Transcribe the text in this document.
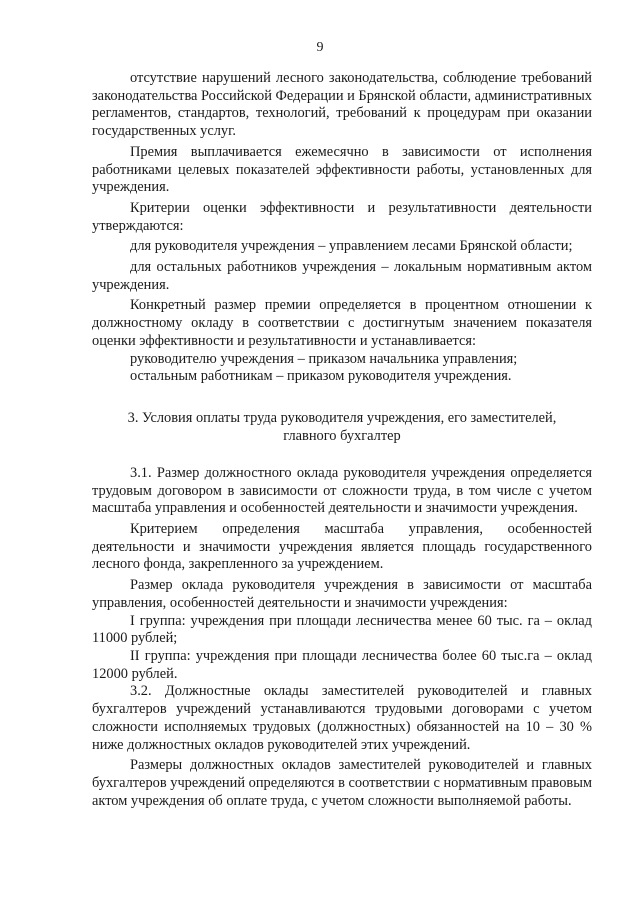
9

отсутствие нарушений лесного законодательства, соблюдение требований законодательства Российской Федерации и Брянской области, административных регламентов, стандартов, технологий, требований к процедурам при оказании государственных услуг.

Премия выплачивается ежемесячно в зависимости от исполнения работниками целевых показателей эффективности работы, установленных для учреждения.

Критерии оценки эффективности и результативности деятельности утверждаются:

для руководителя учреждения – управлением лесами Брянской области;

для остальных работников учреждения – локальным нормативным актом учреждения.

Конкретный размер премии определяется в процентном отношении к должностному окладу в соответствии с достигнутым значением показателя оценки эффективности и результативности и устанавливается:

руководителю учреждения – приказом начальника управления;

остальным работникам – приказом руководителя учреждения.

3. Условия оплаты труда руководителя учреждения, его заместителей, главного бухгалтер

3.1. Размер должностного оклада руководителя учреждения определяется трудовым договором в зависимости от сложности труда, в том числе с учетом масштаба управления и особенностей деятельности и значимости учреждения.

Критерием определения масштаба управления, особенностей деятельности и значимости учреждения является площадь государственного лесного фонда, закрепленного за учреждением.

Размер оклада руководителя учреждения в зависимости от масштаба управления, особенностей деятельности и значимости учреждения:

I группа: учреждения при площади лесничества менее 60 тыс. га – оклад 11000 рублей;

II группа: учреждения при площади лесничества более 60 тыс.га – оклад 12000 рублей.

3.2. Должностные оклады заместителей руководителей и главных бухгалтеров учреждений устанавливаются трудовыми договорами с учетом сложности исполняемых трудовых (должностных) обязанностей на 10 – 30 % ниже должностных окладов руководителей этих учреждений.

Размеры должностных окладов заместителей руководителей и главных бухгалтеров учреждений определяются в соответствии с нормативным правовым актом учреждения об оплате труда, с учетом сложности выполняемой работы.
